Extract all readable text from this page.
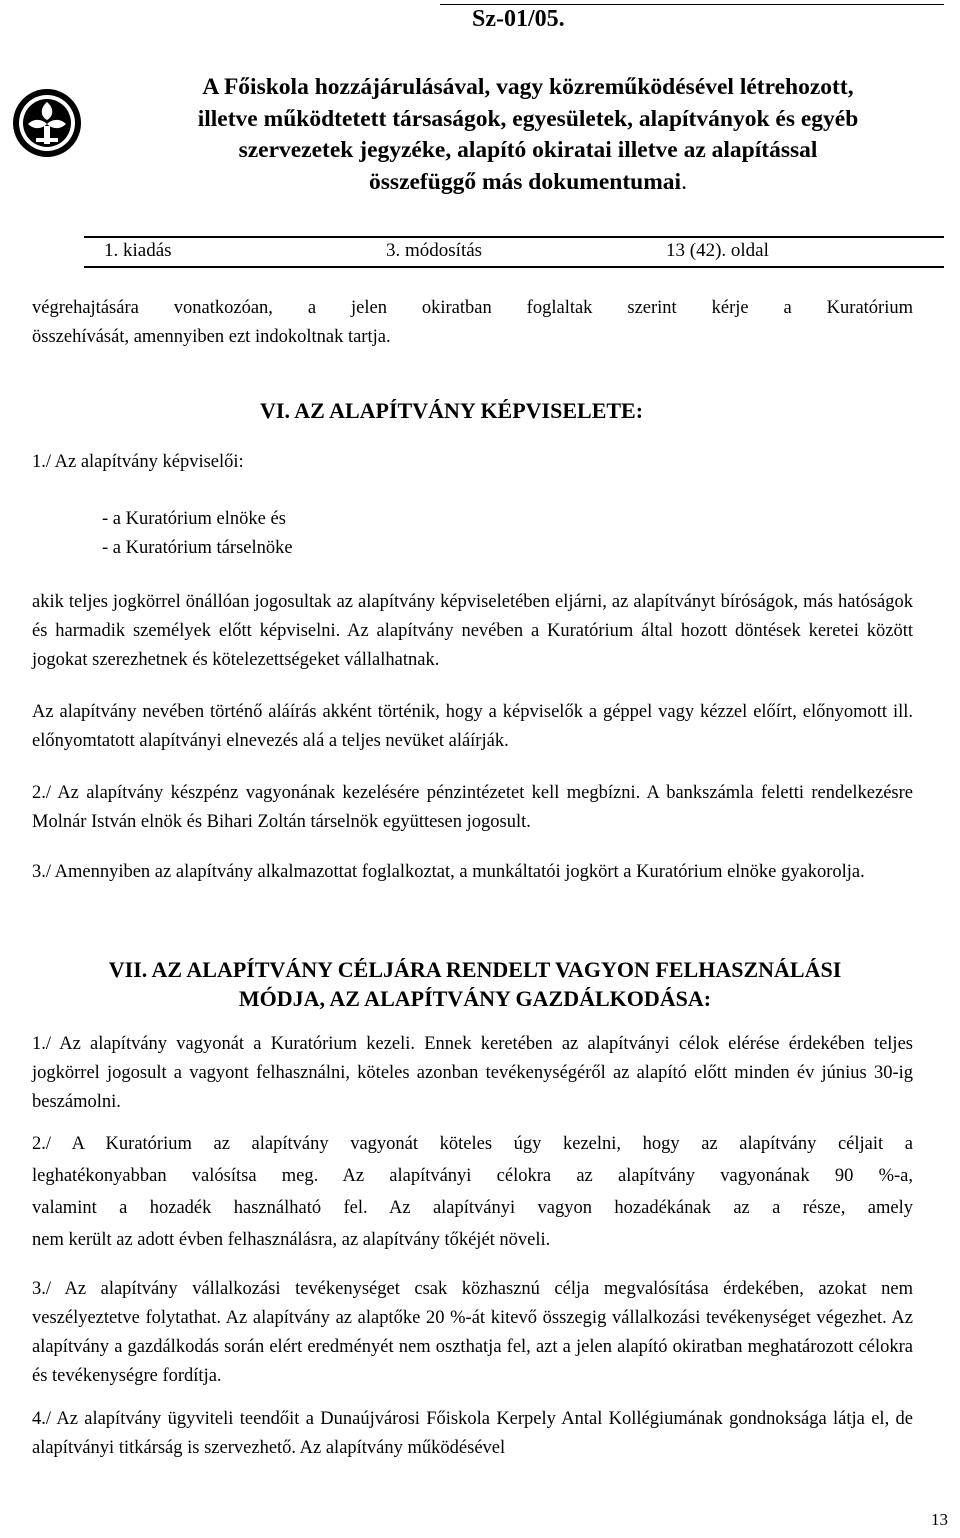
Sz-01/05.
A Főiskola hozzájárulásával, vagy közreműködésével létrehozott,
illetve működtetett társaságok, egyesületek, alapítványok és egyéb
szervezetek jegyzéke, alapító okiratai illetve az alapítással
összefüggő más dokumentumai.
1. kiadás	3. módosítás	13 (42). oldal
végrehajtására vonatkozóan, a jelen okiratban foglaltak szerint kérje a Kuratórium
összehívását, amennyiben ezt indokoltnak tartja.
VI. AZ ALAPÍTVÁNY KÉPVISELETE:
1./ Az alapítvány képviselői:
- a Kuratórium elnöke és
- a Kuratórium társelnöke
akik teljes jogkörrel önállóan jogosultak az alapítvány képviseletében eljárni, az alapítványt bíróságok, más hatóságok és harmadik személyek előtt képviselni. Az alapítvány nevében a Kuratórium által hozott döntések keretei között jogokat szerezhetnek és kötelezettségeket vállalhatnak.
Az alapítvány nevében történő aláírás akként történik, hogy a képviselők a géppel vagy kézzel előírt, előnyomott ill. előnyomtatott alapítványi elnevezés alá a teljes nevüket aláírják.
2./ Az alapítvány készpénz vagyonának kezelésére pénzintézetet kell megbízni. A bankszámla feletti rendelkezésre Molnár István elnök és Bihari Zoltán társelnök együttesen jogosult.
3./ Amennyiben az alapítvány alkalmazottat foglalkoztat, a munkáltatói jogkört a Kuratórium elnöke gyakorolja.
VII. AZ ALAPÍTVÁNY CÉLJÁRA RENDELT VAGYON FELHASZNÁLÁSI
MÓDJA, AZ ALAPÍTVÁNY GAZDÁLKODÁSA:
1./ Az alapítvány vagyonát a Kuratórium kezeli. Ennek keretében az alapítványi célok elérése érdekében teljes jogkörrel jogosult a vagyont felhasználni, köteles azonban tevékenységéről az alapító előtt minden év június 30-ig beszámolni.
2./ A Kuratórium az alapítvány vagyonát köteles úgy kezelni, hogy az alapítvány céljait a
leghatékonyabban valósítsa meg. Az alapítványi célokra az alapítvány vagyonának 90 %-a,
valamint a hozadék használható fel. Az alapítványi vagyon hozadékának az a része, amely
nem került az adott évben felhasználásra, az alapítvány tőkéjét növeli.
3./ Az alapítvány vállalkozási tevékenységet csak közhasznú célja megvalósítása érdekében, azokat nem veszélyeztetve folytathat. Az alapítvány az alaptőke 20 %-át kitevő összegig vállalkozási tevékenységet végezhet. Az alapítvány a gazdálkodás során elért eredményét nem oszthatja fel, azt a jelen alapító okiratban meghatározott célokra és tevékenységre fordítja.
4./ Az alapítvány ügyviteli teendőit a Dunaújvárosi Főiskola Kerpely Antal Kollégiumának gondnoksága látja el, de alapítványi titkárság is szervezhető. Az alapítvány működésével
13
